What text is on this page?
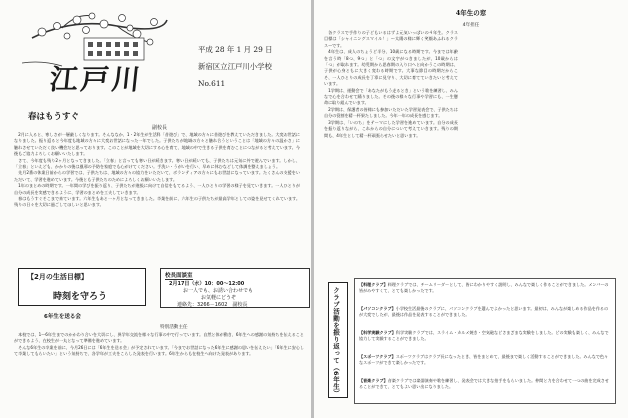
江戸川
平成 28 年 1 月 29 日
新宿区立江戸川小学校
No.611
春はもうすぐ
副校長

2月に入ると、寒しさが一層厳しくなります。そんななか、1・2年生が生活科「昔遊び」で、地域の方々に昔遊びを教えていただきました。大変お世話になりました。振り返ると今年度も地域の方々に大変お世話になった一年でした。子供たちが地域の方々と触れ合うということは「地域の方々の温かさ」に触れさせていただく良い機会だと思っております。このことが地域を大切にする心を育て、地域の中で生きる子供を育むことにつながると考えています。今後もご協力よろしくお願いいたします。

さて、今年度も残り2ヶ月となってきました。「立春」と言っても寒い日が続きます。寒い日が続いても、子供たちは元気に外で遊んでいます。しかし、「立春」といえども、かかりの後は風邪の予防を家庭でも心がけてください。手洗い・うがいを行い、早めに休むなどして体調を整えましょう。

先月2番の休業日前からの学習では、子供たちは、地域の方々の協力をいただいて、ボランティアの方々にもお世話になっています。たくさんの支援をいただいて、学習を進めています。今後とも子供たちのためによろしくお願いいたします。

1年のまとめの時期です。一年間の学びを振り返り、子供たちが進級に向けて自信をもてるよう、一人ひとりの学習の様子を見ていきます。一人ひとりが自分の成長を実感できるように、学習のまとめを工夫していきます。

春はもうすぐそこまで来ています。六年生もあと一ヶ月となってきました。卒業を前に、六年生の子供たちが最高学年としての姿を見せてくれています。残りの日々を大切に過ごしてほしいと思います。

【2月の生活目標】
時刻を守ろう
校長面談室
2月17日（水）10：00～12:00
お一人でも、お誘い合わせでも
お気軽にどうぞ
連絡先：3266－1602　副校長
6年生を送る会
特別活動主任

本校では、1～6年生までのかかわり合いを大切にし、異学年交流を様々な行事の中で行っています。自然と体が動き、6年生への感謝の気持ちを伝えることができるよう、在校生が一丸となって準備を進めています。

そんな6年生の卒業を前に、今月26日には「6年生を送る会」が予定されています。「今までお世話になった6年生に感謝の思いを伝えたい」「6年生に安心して卒業してもらいたい」という気持ちで、各学年が工夫をこらした発表を行います。6年生からも在校生へ向けた発表があります。

4年生の窓
4年担任

各クラスで手作りの子どもいるはずよ元気いっぱいの４年生。クラス目標は「シャイニングスマイル！」～太陽の様に輝く笑顔あふれるクラス～です。

4年生は、成人のちょうど半分、10歳になる時期です。今までは年齢を言う時「8つ、9つ」と「つ」の文字がつきましたが、10歳からは「つ」が取れます。幼児期から思春期の入り口へと向かうこの時期は、子供が心身ともに大きく変わる時期です。大事な節目の時期だからこそ、一人ひとりの成長を丁寧に見守り、大切に育てていきたいと考えています。

1学期は、運動会で「あなたがもう走るとき」という歌を練習し、みんなで心を合わせて踊りました。その後の様々な行事や学習にも、一生懸命に取り組んでいます。

2学期は、保護者の皆様にも参加いただいた学習発表会で、子供たちは自分の役割を精一杯果たしました。今年一年の成長を感じます。

3学期は、「いのち」をテーマにした学習を進めています。自分の成長を振り返りながら、これからの自分について考えていきます。残りの期間も、4年生として精一杯頑張らせたいと思います。

クラブ活動を振り返って（6年生）
【料理クラブ】料理クラブでは、チームリーダーとして、皆にわかりやすく説明し、みんなで楽しく作ることができました。メンバーの皆がみやすくて、とても楽しかったです。
【パソコンクラブ】小学校生活最後のクラブに、パソコンクラブを選んでよかったと思います。最初は、みんなが楽しめる作品を作るのが大変でしたが、最後は作品を発表することができました。
【科学実験クラブ】科学実験クラブでは、スライム・カルメ焼き・空気砲などさまざまな実験をしました。どの実験も楽しく、みんなで協力して実験することができました。
【スポーツクラブ】スポーツクラブはクラブ長になったとき、皆をまとめて、最後まで楽しく活動することができました。みんなで色々なスポーツができて楽しかったです。
【音楽クラブ】音楽クラブでは楽器演奏や歌を練習し、発表会では大きな拍手をもらいました。仲間と力を合わせて一つの曲を完成させることができて、とてもよい思い出になりました。
